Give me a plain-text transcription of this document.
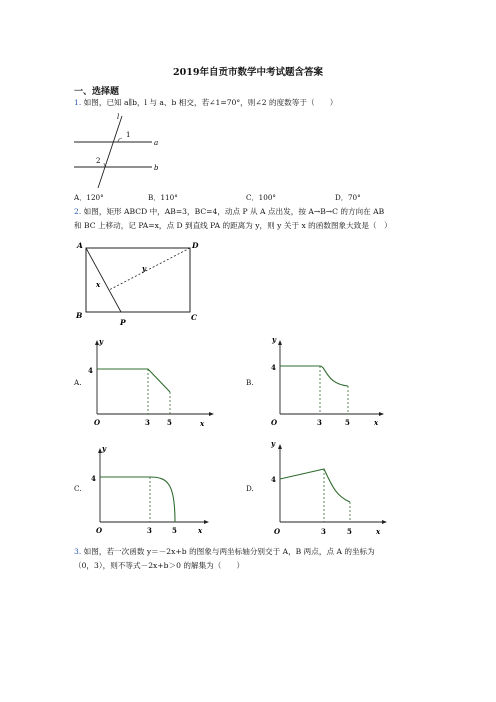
2019年自贡市数学中考试题含答案
一、选择题
1. 如图，已知 a∥b，l 与 a、b 相交，若∠1=70°，则∠2 的度数等于（　　）
l
1
a
2
b
A．120°	B．110°	C．100°	D．70°
2. 如图，矩形 ABCD 中，AB=3，BC=4，动点 P 从 A 点出发，按 A→B→C 的方向在 AB
和 BC 上移动，记 PA=x，点 D 到直线 PA 的距离为 y，则 y 关于 x 的函数图象大致是（　）
A	D
B	C
P
x
y
A.
y
4
O	3 5	x
B.
y
4
O	3	5	x
C.
y
4
O	3	5	x
D.
y
4
O	3	5	x
3. 如图，若一次函数 y＝－2x+b 的图象与两坐标轴分别交于 A，B 两点，点 A 的坐标为
（0，3），则不等式－2x+b＞0 的解集为（　　）
